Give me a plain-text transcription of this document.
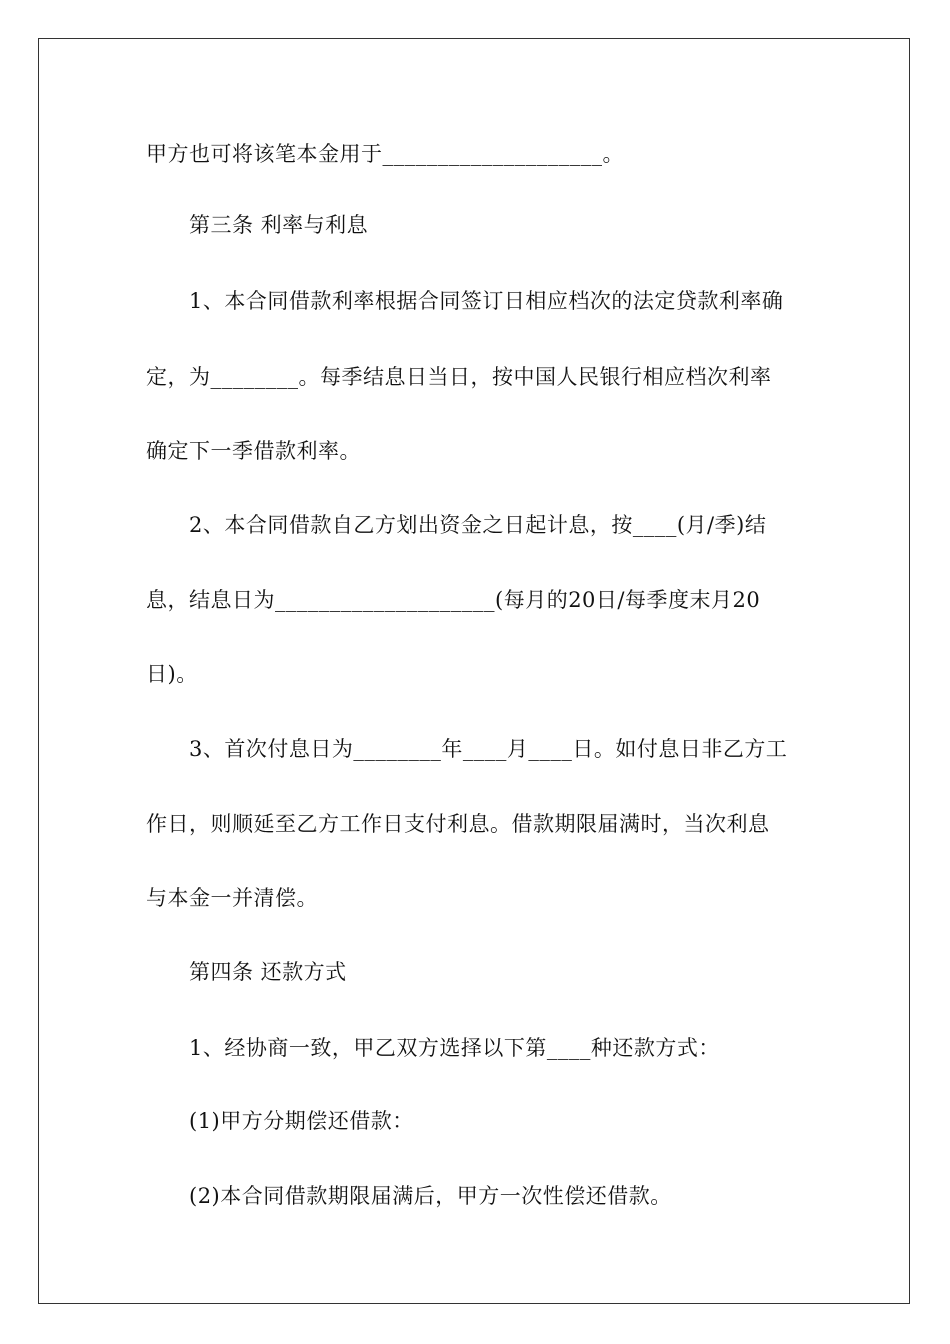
甲方也可将该笔本金用于____________________。
第三条 利率与利息
1、本合同借款利率根据合同签订日相应档次的法定贷款利率确
定，为________。每季结息日当日，按中国人民银行相应档次利率
确定下一季借款利率。
2、本合同借款自乙方划出资金之日起计息，按____(月/季)结
息，结息日为____________________(每月的20日/每季度末月20
日)。
3、首次付息日为________年____月____日。如付息日非乙方工
作日，则顺延至乙方工作日支付利息。借款期限届满时，当次利息
与本金一并清偿。
第四条 还款方式
1、经协商一致，甲乙双方选择以下第____种还款方式：
(1)甲方分期偿还借款：
(2)本合同借款期限届满后，甲方一次性偿还借款。
